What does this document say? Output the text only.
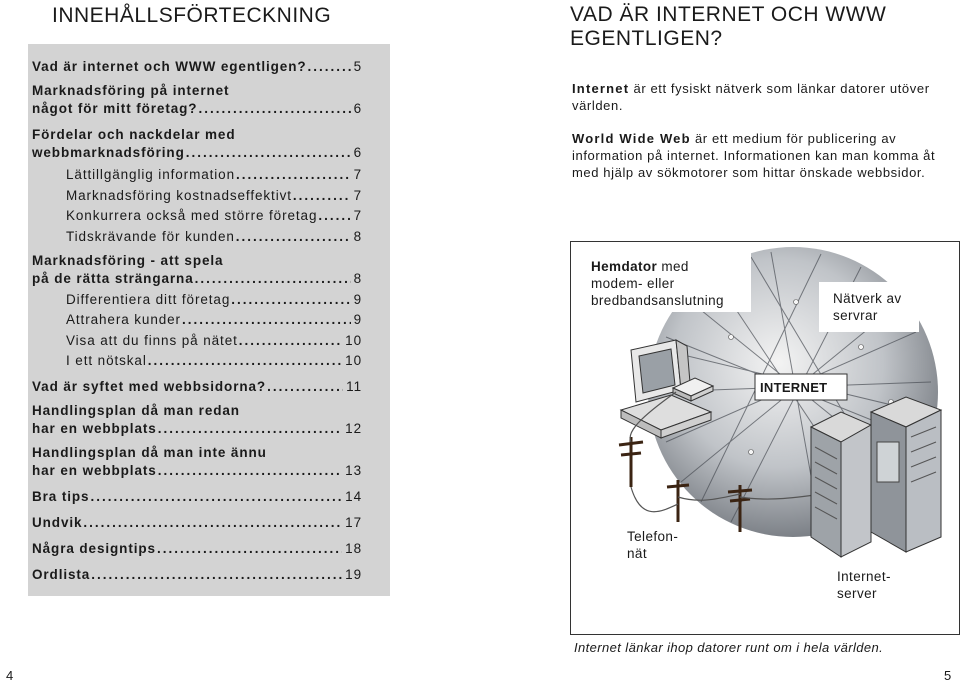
INNEHÅLLSFÖRTECKNING
Vad är internet och WWW egentligen? .....	5
Marknadsföring på internet
något för mitt företag? .....	6
Fördelar och nackdelar med
webbmarknadsföring .....	6
Lättillgänglig information .....	7
Marknadsföring kostnadseffektivt .....	7
Konkurrera också med större företag .....	7
Tidskrävande för kunden .....	8
Marknadsföring - att spela
på de rätta strängarna .....	8
Differentiera ditt företag .....	9
Attrahera kunder .....	9
Visa att du finns på nätet .....	10
I ett nötskal .....	10
Vad är syftet med webbsidorna? .....	11
Handlingsplan då man redan
har en webbplats .....	12
Handlingsplan då man inte ännu
har en webbplats .....	13
Bra tips .....	14
Undvik .....	17
Några designtips .....	18
Ordlista .....	19
4
VAD ÄR INTERNET OCH WWW EGENTLIGEN?

Internet är ett fysiskt nätverk som länkar datorer utöver världen.

World Wide Web är ett medium för publicering av information på internet. Informationen kan man komma åt med hjälp av sökmotorer som hittar önskade webbsidor.

Hemdator med
modem- eller
bredbandsanslutning	Nätverk av
servrar
INTERNET
Telefon-
nät
Internet-
server

Internet länkar ihop datorer runt om i hela världen.

5
